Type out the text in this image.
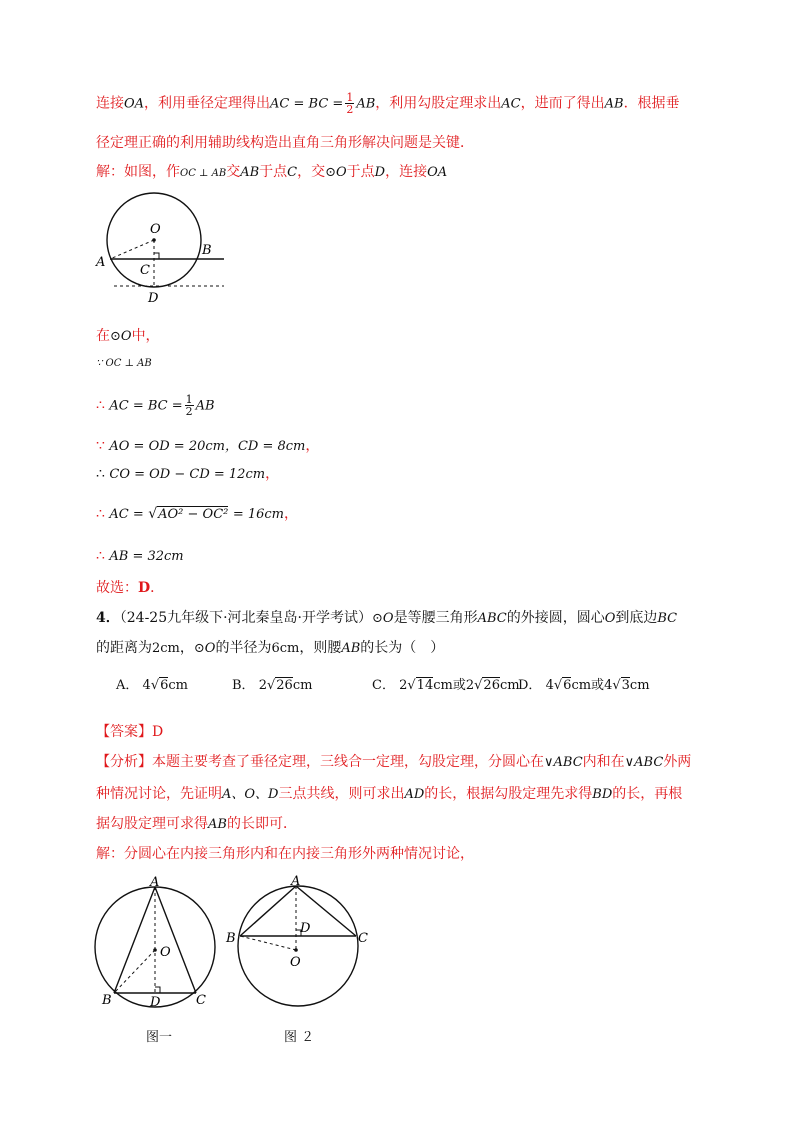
连接OA，利用垂径定理得出AC = BC = $\frac{1}{2}$ AB，利用勾股定理求出AC，进而了得出AB．根据垂
径定理正确的利用辅助线构造出直角三角形解决问题是关键．
解：如图，作OC ⊥ AB交AB于点C，交⊙O于点D，连接OA
O
A
B
C
D
在⊙O中，
∵ OC ⊥ AB
∴ AC = BC = $\frac{1}{2}$ AB
∵ AO = OD = 20cm，CD = 8cm，
∴ CO = OD − CD = 12cm，
∴ AC = √AO² − OC² = 16cm，
∴ AB = 32cm
故选：D．
4．（24-25九年级下·河北秦皇岛·开学考试）⊙O是等腰三角形ABC的外接圆，圆心O到底边BC
的距离为2cm，⊙O的半径为6cm，则腰AB的长为（　）
A． 4√6cm	B． 2√26cm	C． 2√14cm或2√26cm
D． 4√6cm或4√3cm
【答案】D
【分析】本题主要考查了垂径定理，三线合一定理，勾股定理，分圆心在∨ABC内和在∨ABC外两
种情况讨论，先证明A、O、D三点共线，则可求出AD的长，根据勾股定理先求得BD的长，再根
据勾股定理可求得AB的长即可．
解：分圆心在内接三角形内和在内接三角形外两种情况讨论，
A
O
B	C
D
图一
A
D
O
B	C
图 ２
